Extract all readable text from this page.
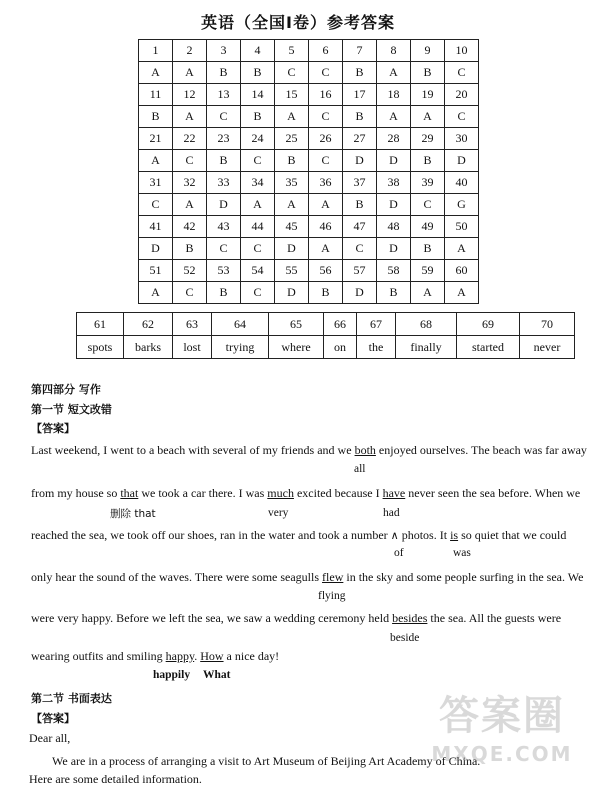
英语（全国I卷）参考答案
1	2	3	4	5	6	7	8	9	10
A	A	B	B	C	C	B	A	B	C
11	12	13	14	15	16	17	18	19	20
B	A	C	B	A	C	B	A	A	C
21	22	23	24	25	26	27	28	29	30
A	C	B	C	B	C	D	D	B	D
31	32	33	34	35	36	37	38	39	40
C	A	D	A	A	A	B	D	C	G
41	42	43	44	45	46	47	48	49	50
D	B	C	C	D	A	C	D	B	A
51	52	53	54	55	56	57	58	59	60
A	C	B	C	D	B	D	B	A	A
61	62	63	64	65	66	67	68	69	70
spots	barks	lost	trying	where	on	the	finally	started	never
第四部分 写作
第一节 短文改错
【答案】
Last weekend, I went to a beach with several of my friends and we both enjoyed ourselves. The beach was far away
all
from my house so that we took a car there. I was much excited because I have never seen the sea before. When we
删除 that	very	had
reached the sea, we took off our shoes, ran in the water and took a number ∧ photos. It is so quiet that we could
of	was
only hear the sound of the waves. There were some seagulls flew in the sky and some people surfing in the sea. We
flying
were very happy. Before we left the sea, we saw a wedding ceremony held besides the sea. All the guests were
beside
wearing outfits and smiling happy. How a nice day!
happily What
第二节 书面表达
【答案】
Dear all,
We are in a process of arranging a visit to Art Museum of Beijing Art Academy of China.
Here are some detailed information.
答案圈
MXQE.COM
